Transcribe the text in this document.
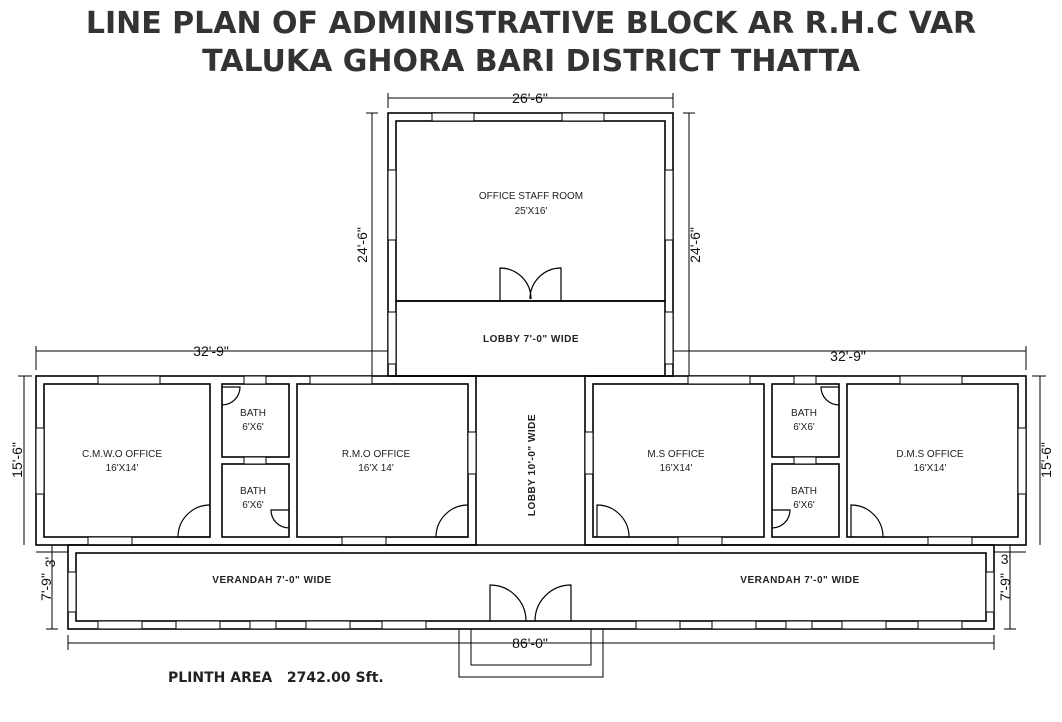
LINE PLAN OF ADMINISTRATIVE BLOCK AR R.H.C VAR
TALUKA GHORA BARI DISTRICT THATTA
OFFICE STAFF ROOM
25'X16'
LOBBY 7'-0" WIDE
LOBBY 10'-0" WIDE
C.M.W.O OFFICE
16'X14'
R.M.O OFFICE
16'X 14'
BATH
6'X6'
BATH
6'X6'
M.S OFFICE
16'X14'
D.M.S OFFICE
16'X14'
BATH
6'X6'
BATH
6'X6'
VERANDAH 7'-0" WIDE	VERANDAH 7'-0" WIDE
26'-6"
24'-6"	24'-6"
32'-9"	32'-9"
15'-6"	15'-6"
7'-9"	7'-9"
3'	3'
86'-0"
PLINTH AREA   2742.00 Sft.
